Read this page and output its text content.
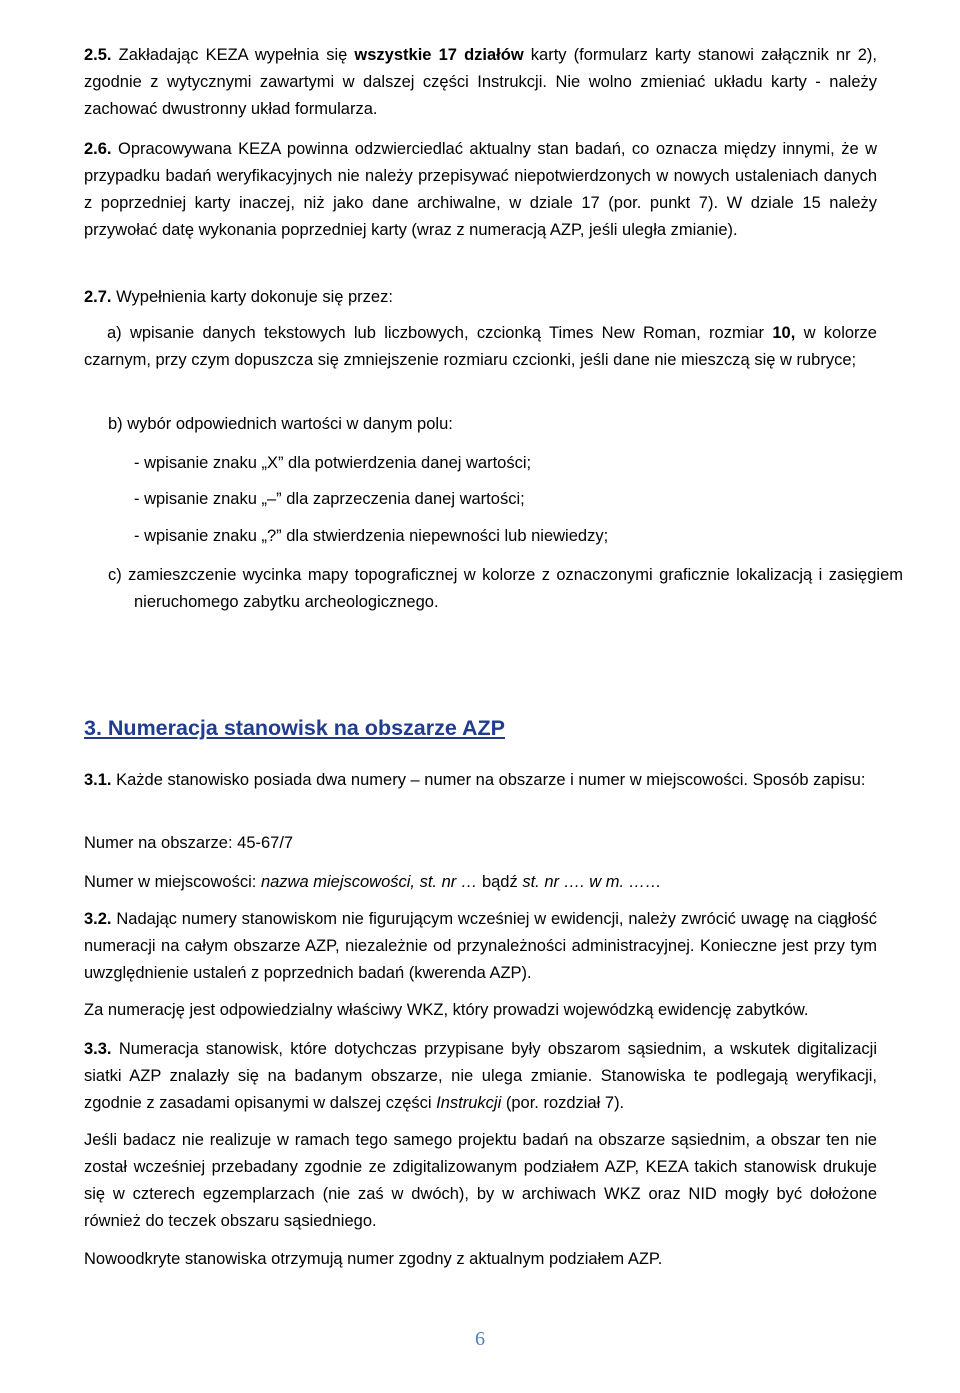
2.5. Zakładając KEZA wypełnia się wszystkie 17 działów karty (formularz karty stanowi załącznik nr 2), zgodnie z wytycznymi zawartymi w dalszej części Instrukcji. Nie wolno zmieniać układu karty - należy zachować dwustronny układ formularza.

2.6. Opracowywana KEZA powinna odzwierciedlać aktualny stan badań, co oznacza między innymi, że w przypadku badań weryfikacyjnych nie należy przepisywać niepotwierdzonych w nowych ustaleniach danych z poprzedniej karty inaczej, niż jako dane archiwalne, w dziale 17 (por. punkt 7). W dziale 15 należy przywołać datę wykonania poprzedniej karty (wraz z numeracją AZP, jeśli uległa zmianie).

2.7. Wypełnienia karty dokonuje się przez:

a) wpisanie danych tekstowych lub liczbowych, czcionką Times New Roman, rozmiar 10, w kolorze czarnym, przy czym dopuszcza się zmniejszenie rozmiaru czcionki, jeśli dane nie mieszczą się w rubryce;

b) wybór odpowiednich wartości w danym polu:

- wpisanie znaku „X” dla potwierdzenia danej wartości;

- wpisanie znaku „–” dla zaprzeczenia danej wartości;

- wpisanie znaku „?” dla stwierdzenia niepewności lub niewiedzy;

c) zamieszczenie wycinka mapy topograficznej w kolorze z oznaczonymi graficznie lokalizacją i zasięgiem nieruchomego zabytku archeologicznego.

3. Numeracja stanowisk na obszarze AZP

3.1. Każde stanowisko posiada dwa numery – numer na obszarze i numer w miejscowości. Sposób zapisu:

Numer na obszarze: 45-67/7

Numer w miejscowości: nazwa miejscowości, st. nr … bądź st. nr …. w m. ……

3.2. Nadając numery stanowiskom nie figurującym wcześniej w ewidencji, należy zwrócić uwagę na ciągłość numeracji na całym obszarze AZP, niezależnie od przynależności administracyjnej. Konieczne jest przy tym uwzględnienie ustaleń z poprzednich badań (kwerenda AZP).

Za numerację jest odpowiedzialny właściwy WKZ, który prowadzi wojewódzką ewidencję zabytków.

3.3. Numeracja stanowisk, które dotychczas przypisane były obszarom sąsiednim, a wskutek digitalizacji siatki AZP znalazły się na badanym obszarze, nie ulega zmianie. Stanowiska te podlegają weryfikacji, zgodnie z zasadami opisanymi w dalszej części Instrukcji (por. rozdział 7).

Jeśli badacz nie realizuje w ramach tego samego projektu badań na obszarze sąsiednim, a obszar ten nie został wcześniej przebadany zgodnie ze zdigitalizowanym podziałem AZP, KEZA takich stanowisk drukuje się w czterech egzemplarzach (nie zaś w dwóch), by w archiwach WKZ oraz NID mogły być dołożone również do teczek obszaru sąsiedniego.

Nowoodkryte stanowiska otrzymują numer zgodny z aktualnym podziałem AZP.

6
